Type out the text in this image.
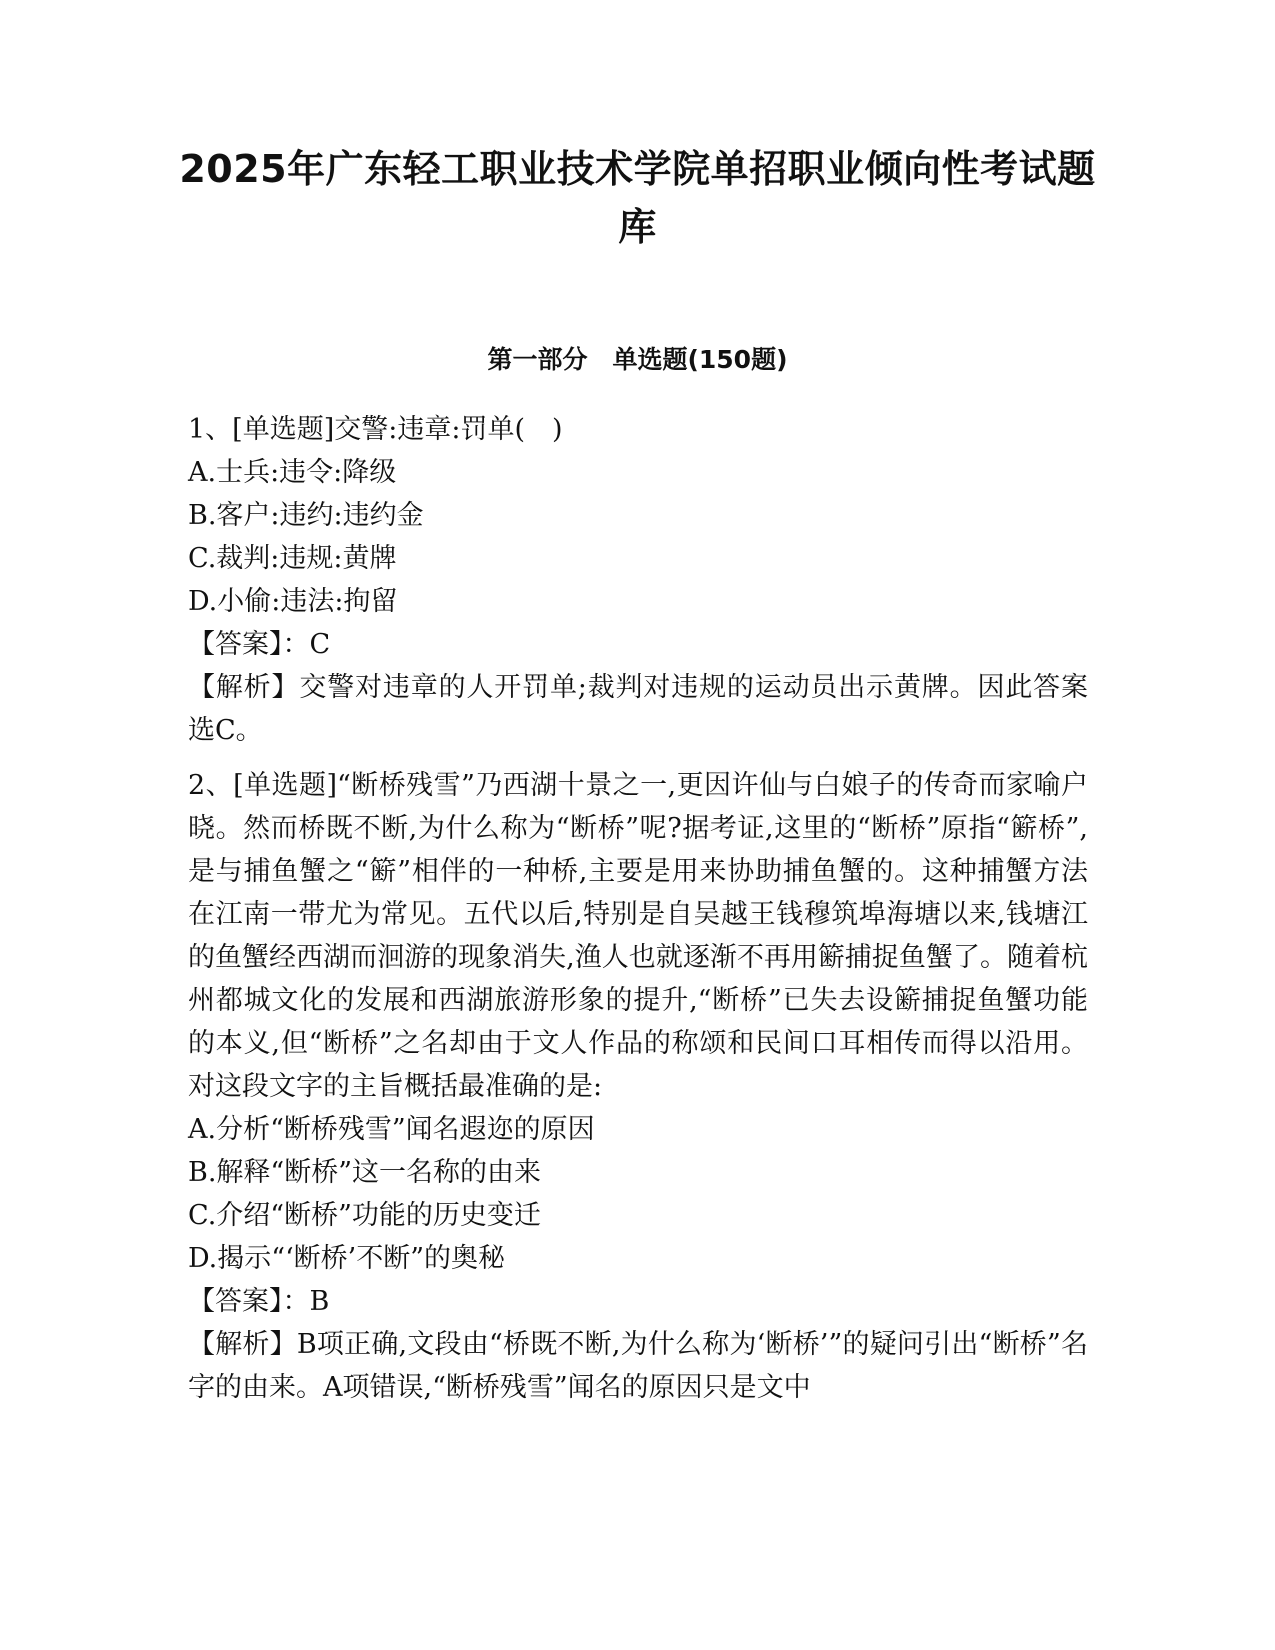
2025年广东轻工职业技术学院单招职业倾向性考试题
库
第一部分　单选题(150题)
1、[单选题]交警:违章:罚单(　)
A.士兵:违令:降级
B.客户:违约:违约金
C.裁判:违规:黄牌
D.小偷:违法:拘留
【答案】：C
【解析】交警对违章的人开罚单;裁判对违规的运动员出示黄牌。因此答案选C。
2、[单选题]“断桥残雪”乃西湖十景之一,更因许仙与白娘子的传奇而家喻户晓。然而桥既不断,为什么称为“断桥”呢?据考证,这里的“断桥”原指“簖桥”,是与捕鱼蟹之“簖”相伴的一种桥,主要是用来协助捕鱼蟹的。这种捕蟹方法在江南一带尤为常见。五代以后,特别是自吴越王钱穆筑埠海塘以来,钱塘江的鱼蟹经西湖而洄游的现象消失,渔人也就逐渐不再用簖捕捉鱼蟹了。随着杭州都城文化的发展和西湖旅游形象的提升,“断桥”已失去设簖捕捉鱼蟹功能的本义,但“断桥”之名却由于文人作品的称颂和民间口耳相传而得以沿用。对这段文字的主旨概括最准确的是:
A.分析“断桥残雪”闻名遐迩的原因
B.解释“断桥”这一名称的由来
C.介绍“断桥”功能的历史变迁
D.揭示“‘断桥’不断”的奥秘
【答案】：B
【解析】B项正确,文段由“桥既不断,为什么称为‘断桥’”的疑问引出“断桥”名字的由来。A项错误,“断桥残雪”闻名的原因只是文中
